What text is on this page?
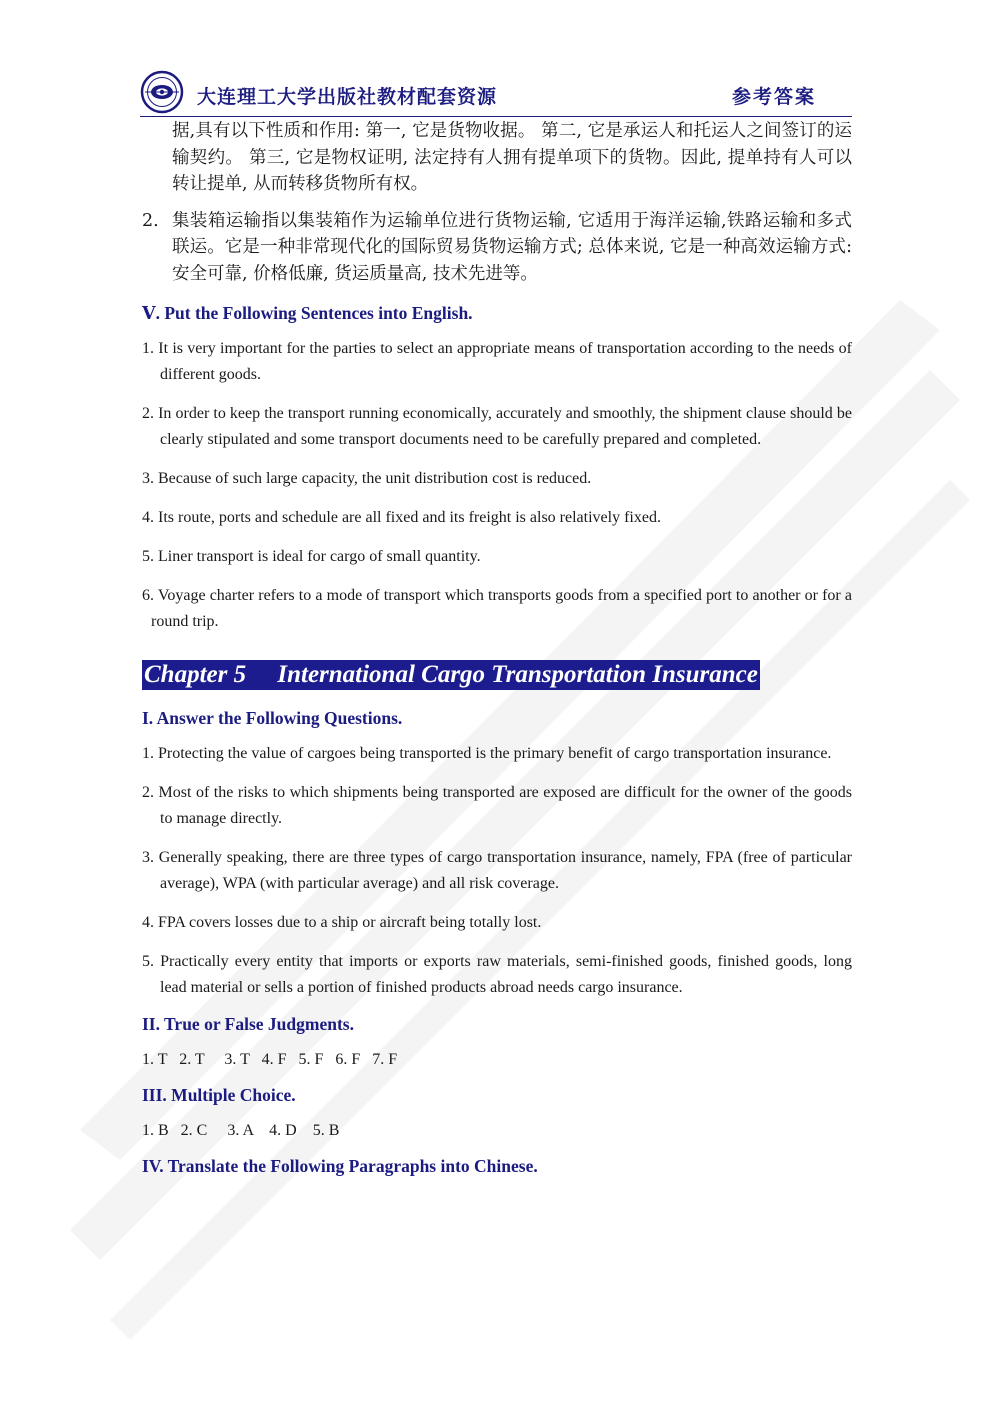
大连理工大学出版社教材配套资源	参考答案
据,具有以下性质和作用: 第一, 它是货物收据。 第二, 它是承运人和托运人之间签订的运输契约。 第三, 它是物权证明, 法定持有人拥有提单项下的货物。因此, 提单持有人可以转让提单, 从而转移货物所有权。
2. 集装箱运输指以集装箱作为运输单位进行货物运输, 它适用于海洋运输,铁路运输和多式联运。它是一种非常现代化的国际贸易货物运输方式; 总体来说, 它是一种高效运输方式: 安全可靠, 价格低廉, 货运质量高, 技术先进等。
Ⅴ. Put the Following Sentences into English.
1. It is very important for the parties to select an appropriate means of transportation according to the needs of different goods.
2. In order to keep the transport running economically, accurately and smoothly, the shipment clause should be clearly stipulated and some transport documents need to be carefully prepared and completed.
3. Because of such large capacity, the unit distribution cost is reduced.
4. Its route, ports and schedule are all fixed and its freight is also relatively fixed.
5. Liner transport is ideal for cargo of small quantity.
6. Voyage charter refers to a mode of transport which transports goods from a specified port to another or for a round trip.
Chapter 5 International Cargo Transportation Insurance
I. Answer the Following Questions.
1. Protecting the value of cargoes being transported is the primary benefit of cargo transportation insurance.
2. Most of the risks to which shipments being transported are exposed are difficult for the owner of the goods to manage directly.
3. Generally speaking, there are three types of cargo transportation insurance, namely, FPA (free of particular average), WPA (with particular average) and all risk coverage.
4. FPA covers losses due to a ship or aircraft being totally lost.
5. Practically every entity that imports or exports raw materials, semi-finished goods, finished goods, long lead material or sells a portion of finished products abroad needs cargo insurance.
II. True or False Judgments.
1. T   2. T     3. T   4. F   5. F   6. F   7. F
III. Multiple Choice.
1. B   2. C     3. A    4. D    5. B
IV. Translate the Following Paragraphs into Chinese.
